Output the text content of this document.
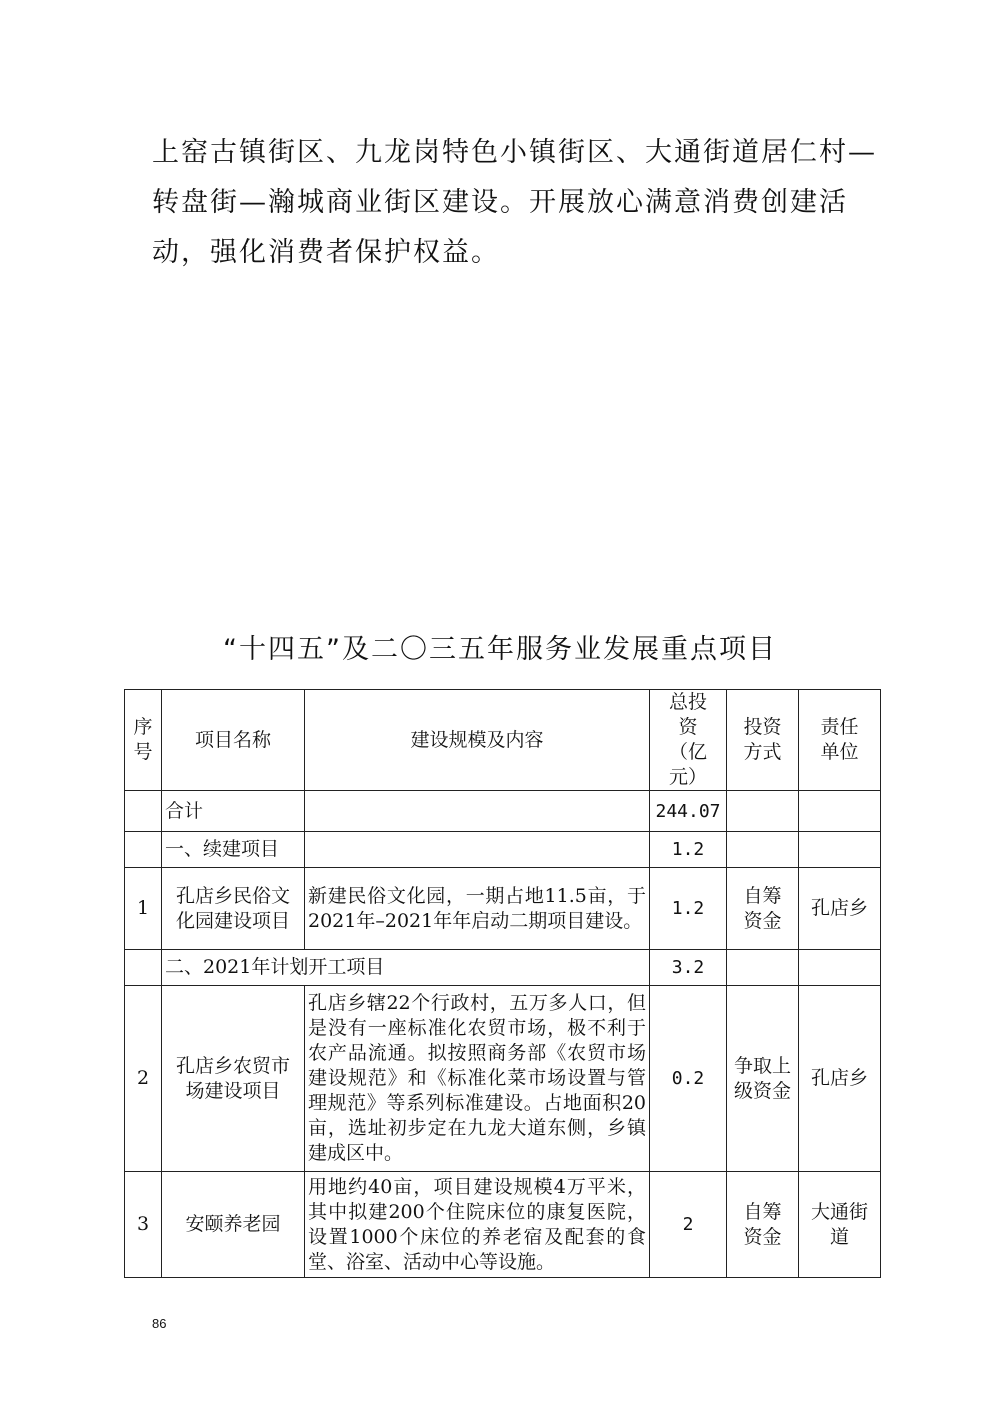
上窑古镇街区、九龙岗特色小镇街区、大通街道居仁村—
转盘街—瀚城商业街区建设。开展放心满意消费创建活
动，强化消费者保护权益。
“十四五”及二〇三五年服务业发展重点项目
序号	项目名称	建设规模及内容	总投资（亿元）	投资方式	责任单位
	合计		244.07		
	一、续建项目		1.2		
1	孔店乡民俗文化园建设项目	新建民俗文化园，一期占地11.5亩，于2021年–2021年年启动二期项目建设。	1.2	自筹资金	孔店乡
	二、2021年计划开工项目		3.2		
2	孔店乡农贸市场建设项目	孔店乡辖22个行政村，五万多人口，但是没有一座标准化农贸市场，极不利于农产品流通。拟按照商务部《农贸市场建设规范》和《标准化菜市场设置与管理规范》等系列标准建设。占地面积20亩，选址初步定在九龙大道东侧，乡镇建成区中。	0.2	争取上级资金	孔店乡
3	安颐养老园	用地约40亩，项目建设规模4万平米，其中拟建200个住院床位的康复医院，设置1000个床位的养老宿及配套的食堂、浴室、活动中心等设施。	2	自筹资金	大通街道
86
